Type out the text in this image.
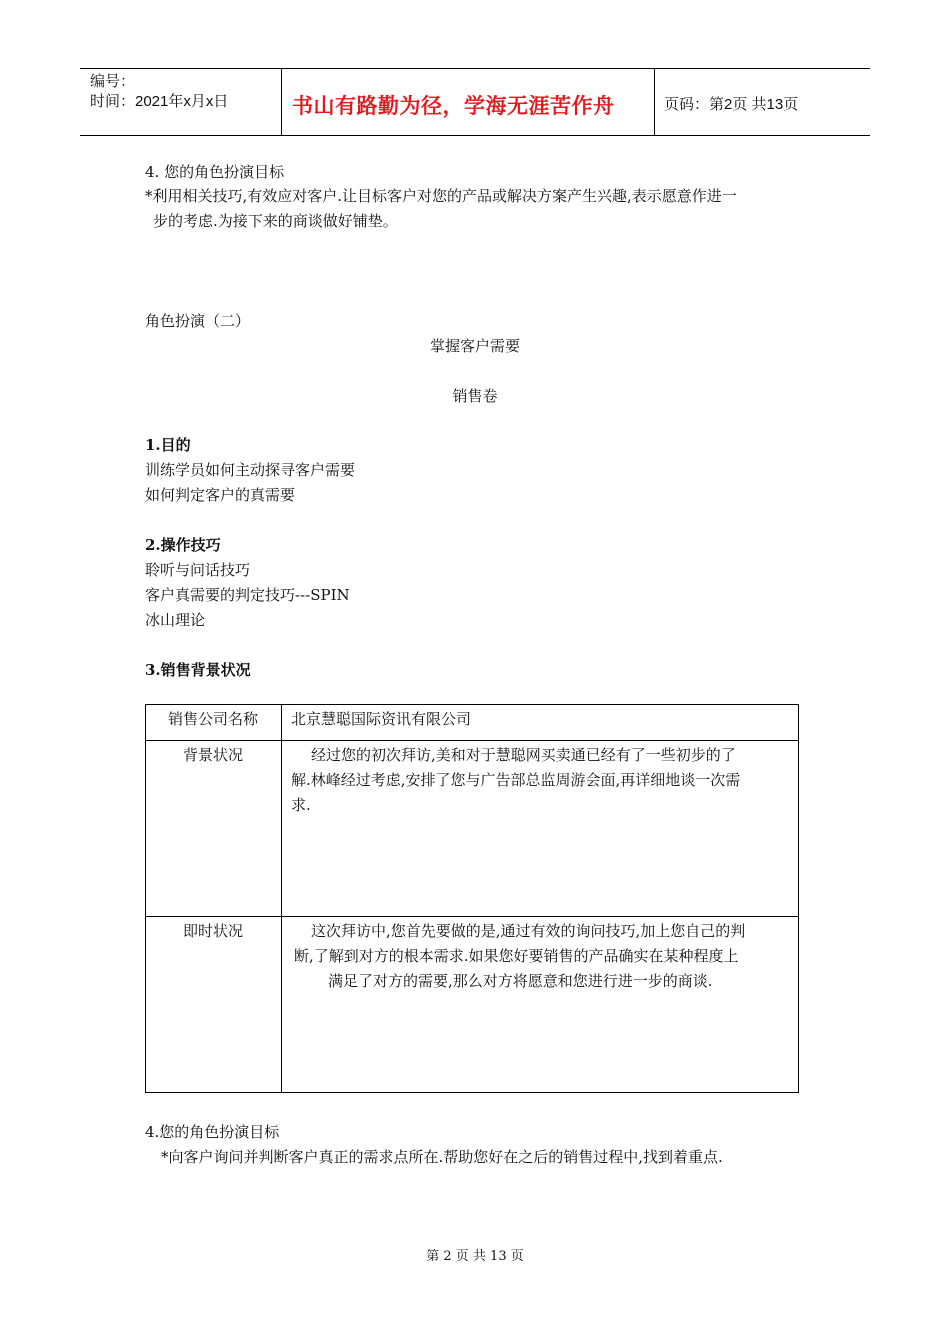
编号：
时间：2021年x月x日	书山有路勤为径，学海无涯苦作舟	页码：第2页 共13页
4. 您的角色扮演目标
*利用相关技巧,有效应对客户.让目标客户对您的产品或解决方案产生兴趣,表示愿意作进一
步的考虑.为接下来的商谈做好铺垫。
角色扮演（二）
掌握客户需要
销售卷
1.目的
训练学员如何主动探寻客户需要
如何判定客户的真需要
2.操作技巧
聆听与问话技巧
客户真需要的判定技巧---SPIN
冰山理论
3.销售背景状况
销售公司名称	北京慧聪国际资讯有限公司
背景状况	经过您的初次拜访,美和对于慧聪网买卖通已经有了一些初步的了
解.林峰经过考虑,安排了您与广告部总监周游会面,再详细地谈一次需
求.
即时状况	这次拜访中,您首先要做的是,通过有效的询问技巧,加上您自己的判
断,了解到对方的根本需求.如果您好要销售的产品确实在某种程度上
满足了对方的需要,那么对方将愿意和您进行进一步的商谈.
4.您的角色扮演目标
*向客户询问并判断客户真正的需求点所在.帮助您好在之后的销售过程中,找到着重点.
第 2 页 共 13 页
